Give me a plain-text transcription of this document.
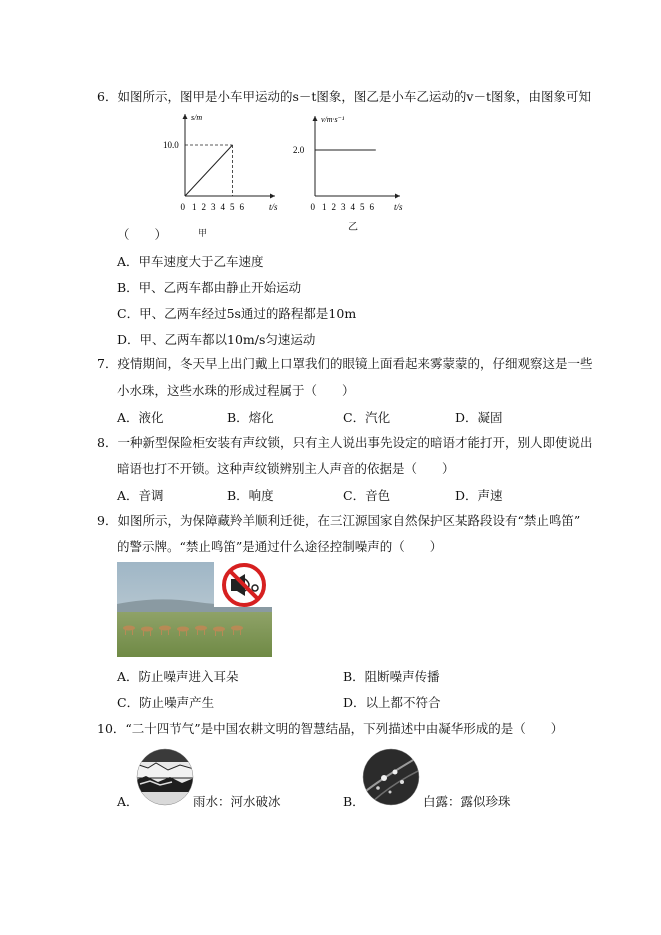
6．如图所示，图甲是小车甲运动的s－t图象，图乙是小车乙运动的v－t图象，由图象可知
s/m
t/s
0 1 2 3 4 5 6
10.0
甲
v/m·s⁻¹
t/s
0 1 2 3 4 5 6
2.0
乙
（　　）
A．甲车速度大于乙车速度
B．甲、乙两车都由静止开始运动
C．甲、乙两车经过5s通过的路程都是10m
D．甲、乙两车都以10m/s匀速运动
7．疫情期间，冬天早上出门戴上口罩我们的眼镜上面看起来雾蒙蒙的，仔细观察这是一些
小水珠，这些水珠的形成过程属于（　　）
A．液化	B．熔化	C．汽化	D．凝固
8．一种新型保险柜安装有声纹锁，只有主人说出事先设定的暗语才能打开，别人即使说出
暗语也打不开锁。这种声纹锁辨别主人声音的依据是（　　）
A．音调	B．响度	C．音色	D．声速
9．如图所示，为保障藏羚羊顺利迁徙，在三江源国家自然保护区某路段设有“禁止鸣笛”
的警示牌。“禁止鸣笛”是通过什么途径控制噪声的（　　）
A．防止噪声进入耳朵	B．阻断噪声传播
C．防止噪声产生	D．以上都不符合
10．“二十四节气”是中国农耕文明的智慧结晶，下列描述中由凝华形成的是（　　）
A．	雨水：河水破冰	B．	白露：露似珍珠
